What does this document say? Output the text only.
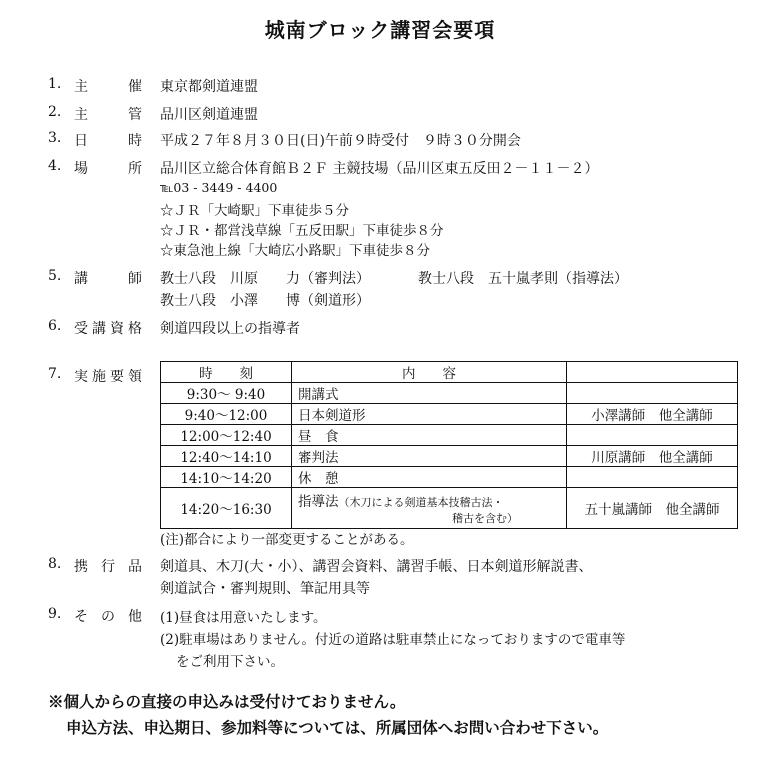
城南ブロック講習会要項
1. 主	催 東京都剣道連盟
2. 主	管 品川区剣道連盟
3. 日	時 平成２７年８月３０日(日)午前９時受付　９時３０分開会
4. 場	所 品川区立総合体育館Ｂ２Ｆ 主競技場（品川区東五反田２－１１－２）
℡03 - 3449 - 4400
☆ＪＲ「大崎駅」下車徒歩５分
☆ＪＲ・都営浅草線「五反田駅」下車徒歩８分
☆東急池上線「大崎広小路駅」下車徒歩８分
5. 講	師 教士八段　川原　　力（審判法）	教士八段　五十嵐孝則（指導法）
教士八段　小澤　　博（剣道形）
6. 受 講 資 格 剣道四段以上の指導者
7. 実 施 要 領	時　　刻	内　　容	
9:30～ 9:40	開講式	
9:40～12:00	日本剣道形	小澤講師　他全講師
12:00～12:40	昼　食	
12:40～14:10	審判法	川原講師　他全講師
14:10～14:20	休　憩	
14:20～16:30	指導法（木刀による剣道基本技稽古法・
稽古を含む）	五十嵐講師　他全講師
(注)都合により一部変更することがある。
8. 携 行 品 剣道具、木刀(大・小）、講習会資料、講習手帳、日本剣道形解説書、
剣道試合・審判規則、筆記用具等
9. そ の 他 (1)昼食は用意いたします。
(2)駐車場はありません。付近の道路は駐車禁止になっておりますので電車等
をご利用下さい。
※個人からの直接の申込みは受付けておりません。
申込方法、申込期日、参加料等については、所属団体へお問い合わせ下さい。
